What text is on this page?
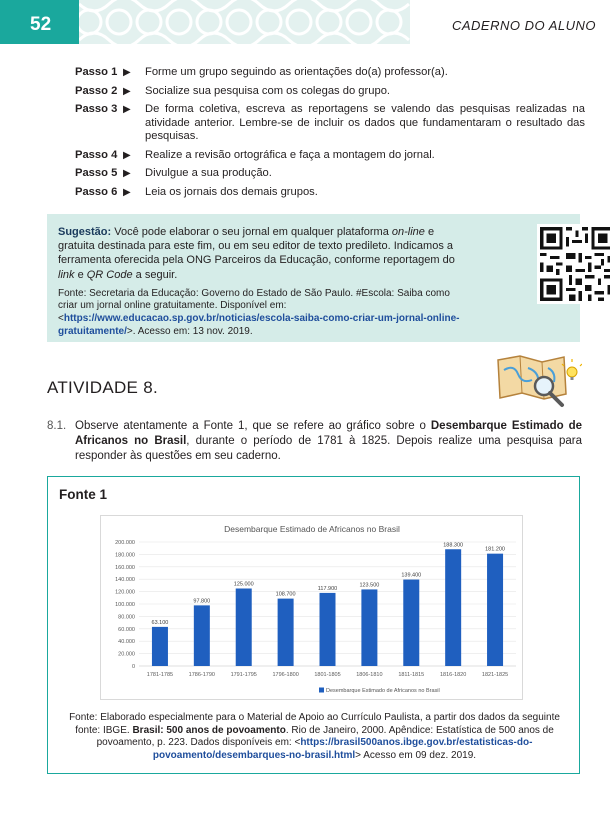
52	CADERNO DO ALUNO
Passo 1 ▶	Forme um grupo seguindo as orientações do(a) professor(a).
Passo 2 ▶	Socialize sua pesquisa com os colegas do grupo.
Passo 3 ▶	De forma coletiva, escreva as reportagens se valendo das pesquisas realizadas na atividade anterior. Lembre-se de incluir os dados que fundamentaram o resultado das pesquisas.
Passo 4 ▶	Realize a revisão ortográfica e faça a montagem do jornal.
Passo 5 ▶	Divulgue a sua produção.
Passo 6 ▶	Leia os jornais dos demais grupos.

Sugestão: Você pode elaborar o seu jornal em qualquer plataforma on-line e gratuita destinada para este fim, ou em seu editor de texto predileto. Indicamos a ferramenta oferecida pela ONG Parceiros da Educação, conforme reportagem do link e QR Code a seguir.

Fonte: Secretaria da Educação: Governo do Estado de São Paulo. #Escola: Saiba como criar um jornal online gratuitamente. Disponível em:<https://www.educacao.sp.gov.br/noticias/escola-saiba-como-criar-um-jornal-online-gratuitamente/>. Acesso em: 13 nov. 2019.

ATIVIDADE 8.
8.1. Observe atentamente a Fonte 1, que se refere ao gráfico sobre o Desembarque Estimado de Africanos no Brasil, durante o período de 1781 à 1825. Depois realize uma pesquisa para responder às questões em seu caderno.

Fonte 1
Desembarque Estimado de Africanos no Brasil
0
20.000
40.000
60.000
80.000
100.000
120.000
140.000
160.000
180.000
200.000
63.100
1781-1785
97.800
1786-1790
125.000
1791-1795
108.700
1796-1800
117.900
1801-1805
123.500
1806-1810
139.400
1811-1815
188.300
1816-1820
181.200
1821-1825
Desembarque Estimado de Africanos no Brasil

Fonte: Elaborado especialmente para o Material de Apoio ao Currículo Paulista, a partir dos dados da seguinte fonte: IBGE. Brasil: 500 anos de povoamento. Rio de Janeiro, 2000. Apêndice: Estatística de 500 anos de povoamento, p. 223. Dados disponíveis em: <https://brasil500anos.ibge.gov.br/estatisticas-do-povoamento/desembarques-no-brasil.html> Acesso em 09 dez. 2019.
